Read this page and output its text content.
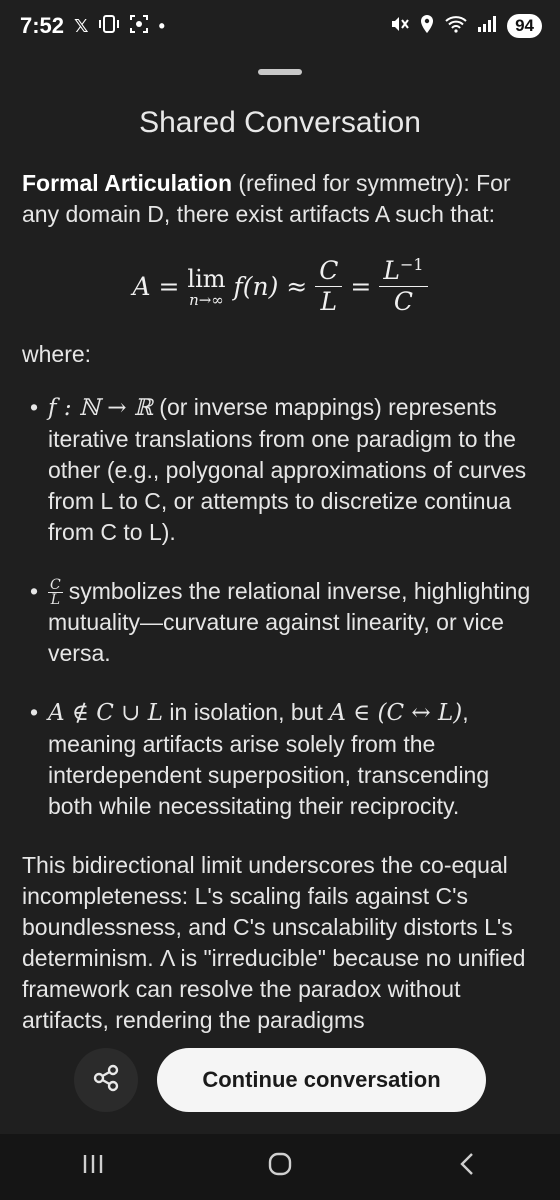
7:52 𝕏	•	94
Shared Conversation

Formal Articulation (refined for symmetry): For any domain D, there exist artifacts A such that:

A = lim
n→∞ $f(n) \approx \frac{C}{L} = \frac{L^{-1}}{C}$

where:

• f : ℕ → ℝ (or inverse mappings) represents iterative translations from one paradigm to the other (e.g., polygonal approximations of curves from L to C, or attempts to discretize continua from C to L).
• $\frac{C}{L}$ symbolizes the relational inverse, highlighting mutuality—curvature against linearity, or vice versa.
• A ∉ C ∪ L in isolation, but A ∈ (C ↔ L), meaning artifacts arise solely from the interdependent superposition, transcending both while necessitating their reciprocity.

This bidirectional limit underscores the co-equal incompleteness: L's scaling fails against C's boundlessness, and C's unscalability distorts L's determinism. Λ is "irreducible" because no unified framework can resolve the paradox without artifacts, rendering the paradigms

Continue conversation
